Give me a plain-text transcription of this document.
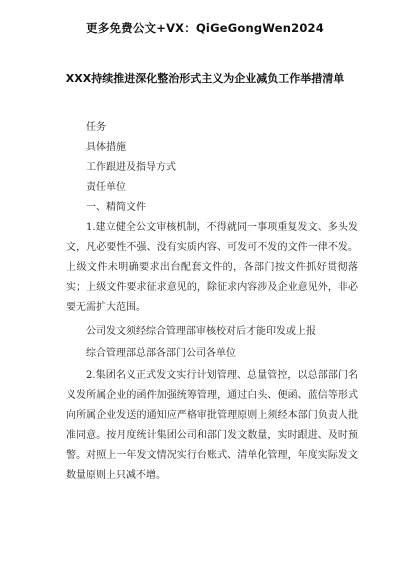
更多免费公文+VX：QiGeGongWen2024
XXX持续推进深化整治形式主义为企业减负工作举措清单
任务
具体措施
工作跟进及指导方式
责任单位
一、精简文件
1.建立健全公文审核机制，不得就同一事项重复发文、多头发文，凡必要性不强、没有实质内容、可发可不发的文件一律不发。上级文件未明确要求出台配套文件的，各部门按文件抓好贯彻落实；上级文件要求征求意见的，除征求内容涉及企业意见外，非必要无需扩大范围。
公司发文须经综合管理部审核校对后才能印发或上报
综合管理部总部各部门公司各单位
2.集团名义正式发文实行计划管理、总量管控，以总部部门名义发所属企业的函件加强统筹管理，通过白头、便函、蓝信等形式向所属企业发送的通知应严格审批管理原则上须经本部门负责人批准同意。按月度统计集团公司和部门发文数量，实时跟进、及时预警。对照上一年发文情况实行台账式、清单化管理，年度实际发文数量原则上只减不增。
